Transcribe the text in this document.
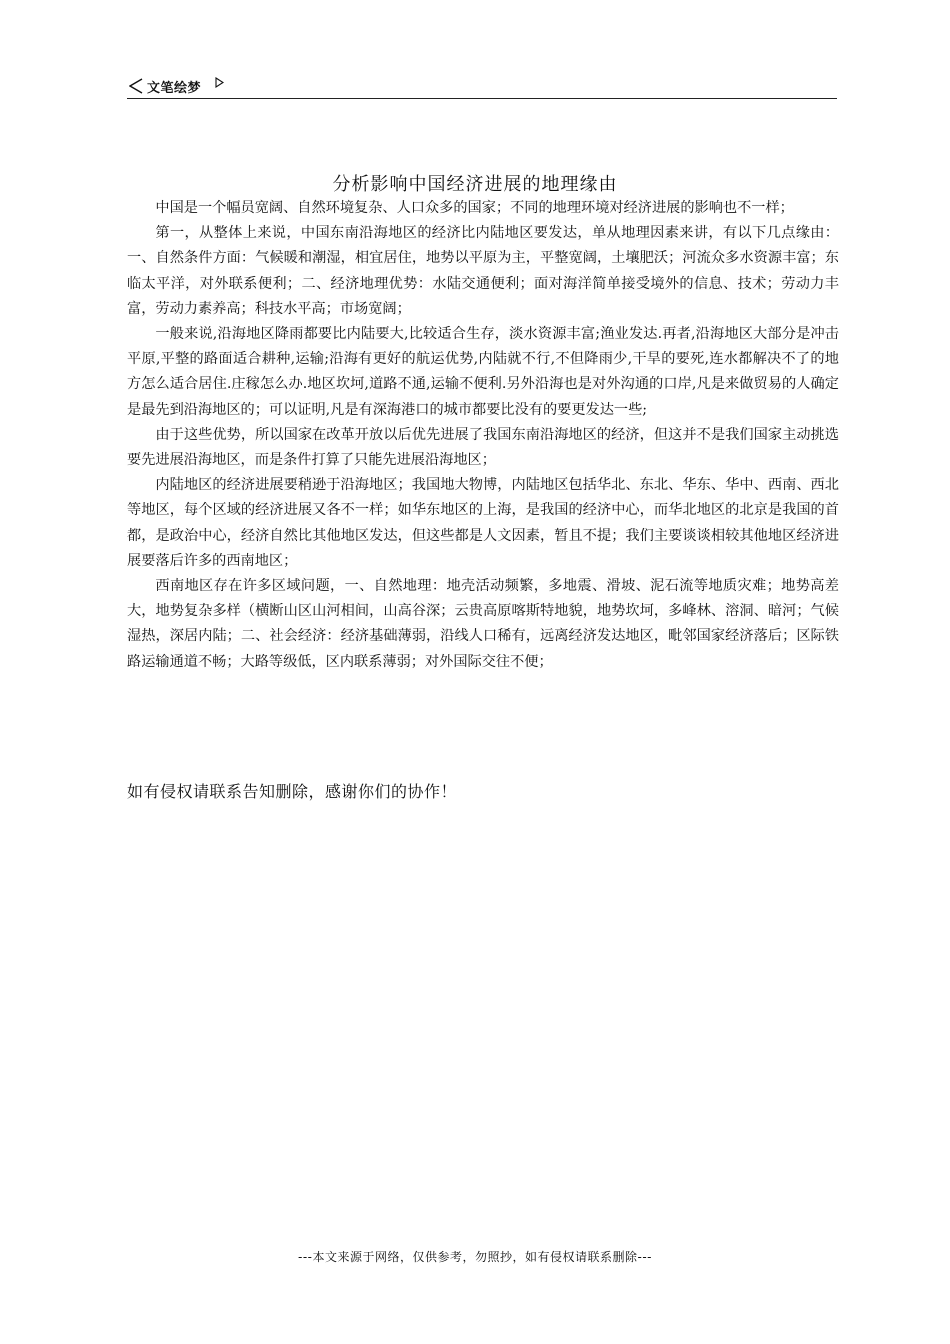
文笔绘梦
分析影响中国经济进展的地理缘由

中国是一个幅员宽阔、自然环境复杂、人口众多的国家；不同的地理环境对经济进展的影响也不一样；

第一，从整体上来说，中国东南沿海地区的经济比内陆地区要发达，单从地理因素来讲，有以下几点缘由：一、自然条件方面：气候暖和潮湿，相宜居住，地势以平原为主，平整宽阔，土壤肥沃；河流众多水资源丰富；东临太平洋，对外联系便利；二、经济地理优势：水陆交通便利；面对海洋简单接受境外的信息、技术；劳动力丰富，劳动力素养高；科技水平高；市场宽阔；

一般来说,沿海地区降雨都要比内陆要大,比较适合生存，淡水资源丰富;渔业发达.再者,沿海地区大部分是冲击平原,平整的路面适合耕种,运输;沿海有更好的航运优势,内陆就不行,不但降雨少,干旱的要死,连水都解决不了的地方怎么适合居住.庄稼怎么办.地区坎坷,道路不通,运输不便利.另外沿海也是对外沟通的口岸,凡是来做贸易的人确定是最先到沿海地区的；可以证明,凡是有深海港口的城市都要比没有的要更发达一些;

由于这些优势，所以国家在改革开放以后优先进展了我国东南沿海地区的经济，但这并不是我们国家主动挑选要先进展沿海地区，而是条件打算了只能先进展沿海地区；

内陆地区的经济进展要稍逊于沿海地区；我国地大物博，内陆地区包括华北、东北、华东、华中、西南、西北等地区，每个区域的经济进展又各不一样；如华东地区的上海，是我国的经济中心，而华北地区的北京是我国的首都，是政治中心，经济自然比其他地区发达，但这些都是人文因素，暂且不提；我们主要谈谈相较其他地区经济进展要落后许多的西南地区；

西南地区存在许多区域问题，一、自然地理：地壳活动频繁，多地震、滑坡、泥石流等地质灾难；地势高差大，地势复杂多样（横断山区山河相间，山高谷深；云贵高原喀斯特地貌，地势坎坷，多峰林、溶洞、暗河；气候湿热，深居内陆；二、社会经济：经济基础薄弱，沿线人口稀有，远离经济发达地区，毗邻国家经济落后；区际铁路运输通道不畅；大路等级低，区内联系薄弱；对外国际交往不便；

如有侵权请联系告知删除，感谢你们的协作！
---本文来源于网络，仅供参考，勿照抄，如有侵权请联系删除---
